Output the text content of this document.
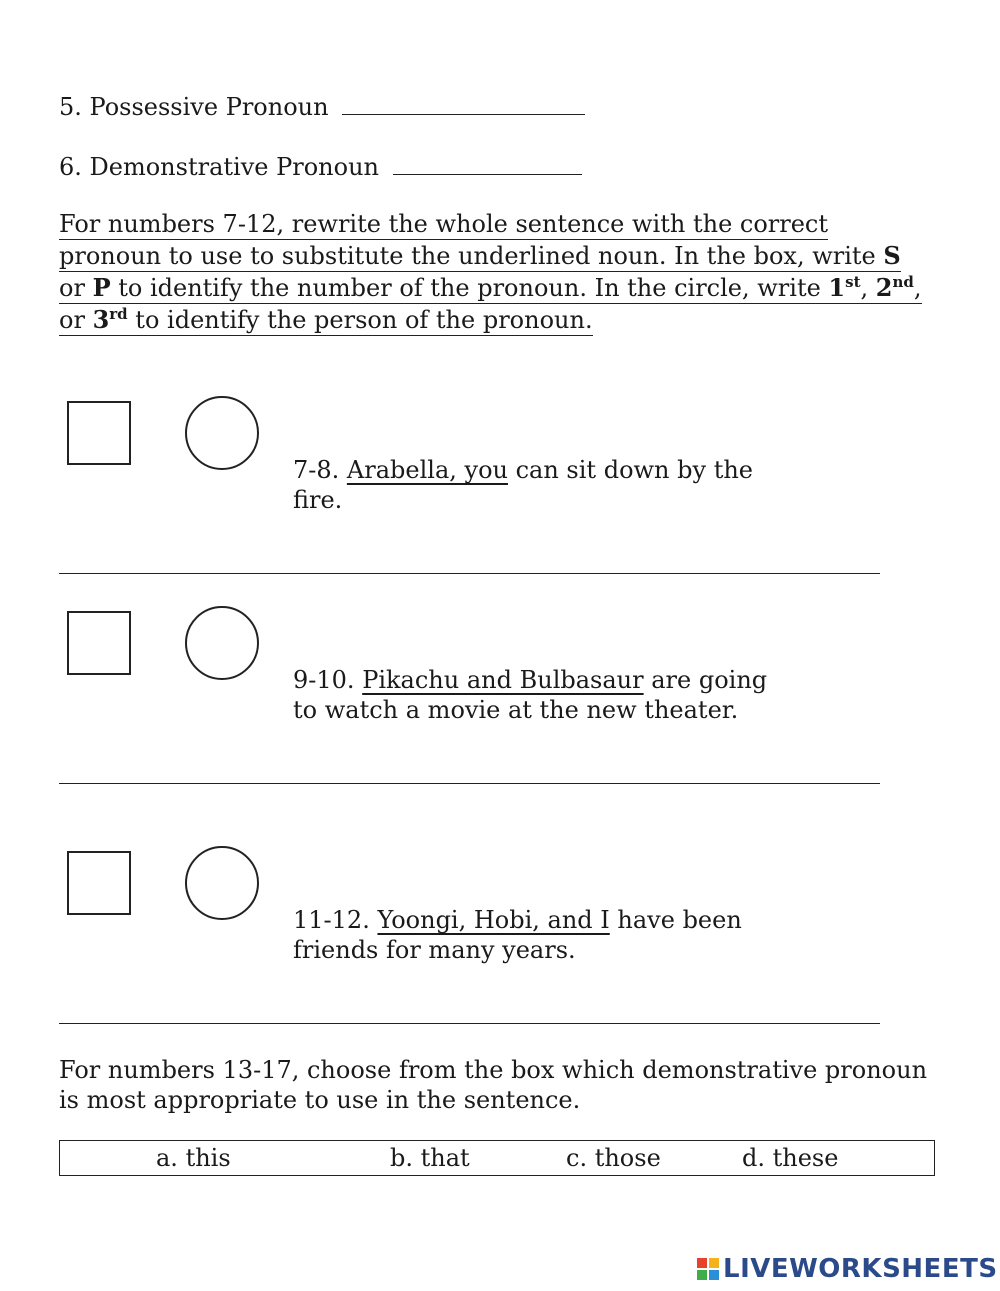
5. Possessive Pronoun
6. Demonstrative Pronoun
For numbers 7-12, rewrite the whole sentence with the correct
pronoun to use to substitute the underlined noun. In the box, write S
or P to identify the number of the pronoun. In the circle, write 1st, 2nd,
or 3rd to identify the person of the pronoun.
7-8. Arabella, you can sit down by the
fire.
9-10. Pikachu and Bulbasaur are going
to watch a movie at the new theater.
11-12. Yoongi, Hobi, and I have been
friends for many years.
For numbers 13-17, choose from the box which demonstrative pronoun
is most appropriate to use in the sentence.
a. this	b. that	c. those	d. these
LIVEWORKSHEETS
